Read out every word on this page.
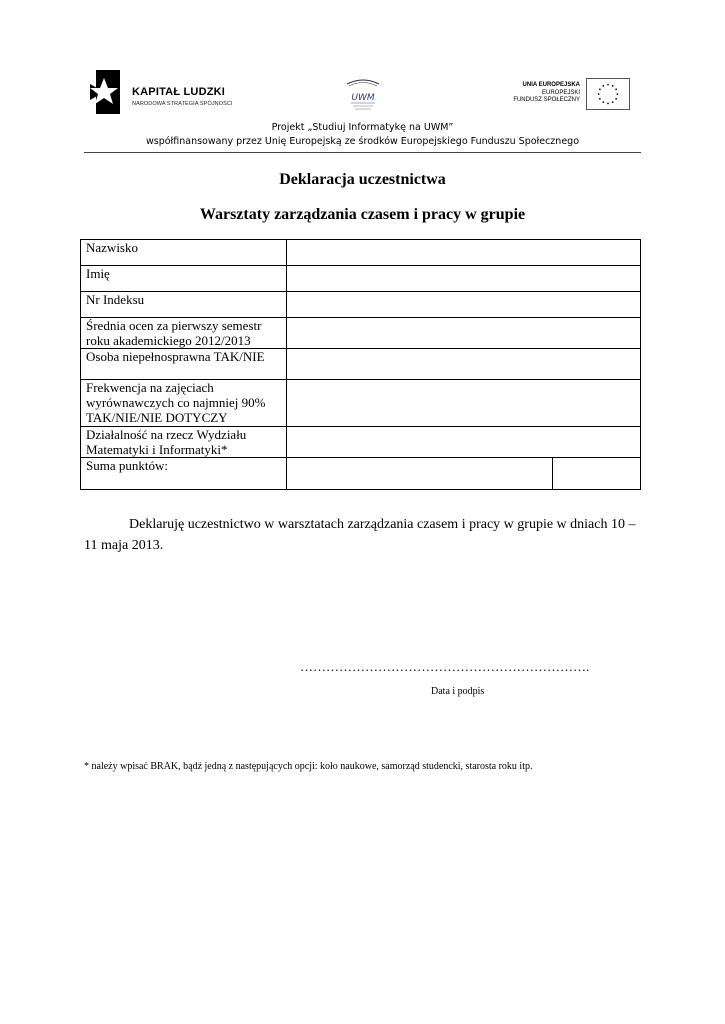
KAPITAŁ LUDZKI
NARODOWA STRATEGIA SPÓJNOŚCI
UWM
UNIA EUROPEJSKA
EUROPEJSKI
FUNDUSZ SPOŁECZNY
Projekt „Studiuj Informatykę na UWM”
współfinansowany przez Unię Europejską ze środków Europejskiego Funduszu Społecznego
Deklaracja uczestnictwa
Warsztaty zarządzania czasem i pracy w grupie
Nazwisko	
Imię	
Nr Indeksu	
Średnia ocen za pierwszy semestr roku akademickiego 2012/2013	
Osoba niepełnosprawna TAK/NIE	
Frekwencja na zajęciach wyrównawczych co najmniej 90% TAK/NIE/NIE DOTYCZY	
Działalność na rzecz Wydziału Matematyki i Informatyki*	
Suma punktów:	
Deklaruję uczestnictwo w warsztatach zarządzania czasem i pracy w grupie w dniach 10 – 11 maja 2013.
………………………………………………………….
Data i podpis
* należy wpisać BRAK, bądź jedną z następujących opcji: koło naukowe, samorząd studencki, starosta roku itp.
